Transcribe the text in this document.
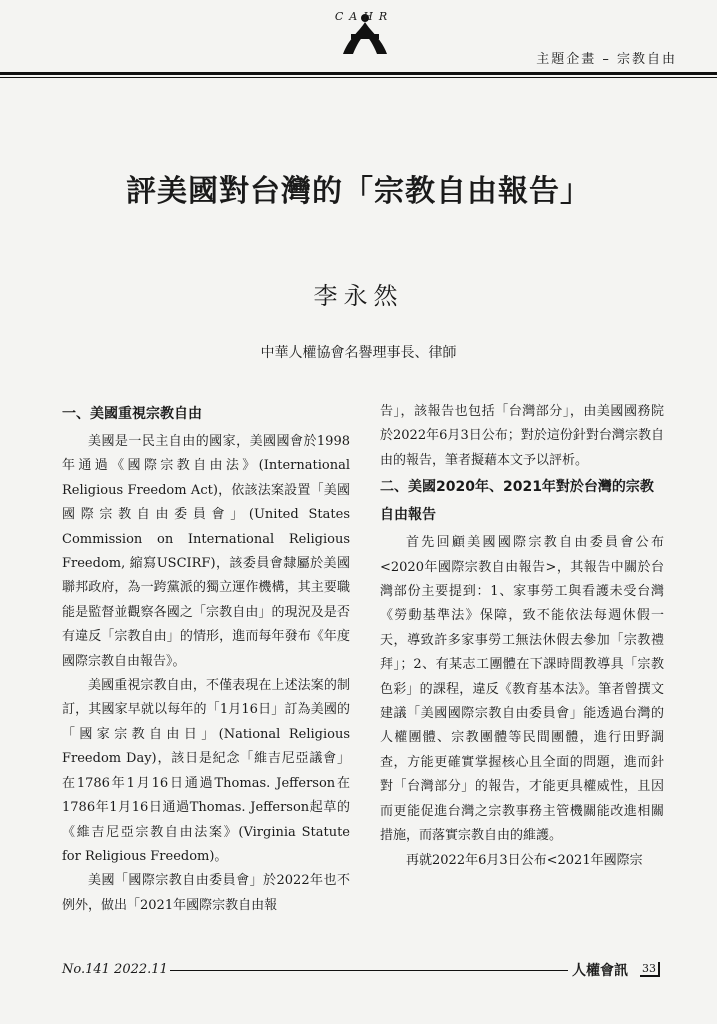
CAHR
主題企畫 – 宗教自由
評美國對台灣的「宗教自由報告」
李永然
中華人權協會名譽理事長、律師
一、美國重視宗教自由

美國是一民主自由的國家，美國國會於1998年通過《國際宗教自由法》(International Religious Freedom Act)，依該法案設置「美國國際宗教自由委員會」(United States Commission on International Religious Freedom, 縮寫USCIRF)，該委員會隸屬於美國聯邦政府，為一跨黨派的獨立運作機構，其主要職能是監督並觀察各國之「宗教自由」的現況及是否有違反「宗教自由」的情形，進而每年發布《年度國際宗教自由報告》。

美國重視宗教自由，不僅表現在上述法案的制訂，其國家早就以每年的「1月16日」訂為美國的「國家宗教自由日」(National Religious Freedom Day)，該日是紀念「維吉尼亞議會」在1786年1月16日通過Thomas. Jefferson在1786年1月16日通過Thomas. Jefferson起草的《維吉尼亞宗教自由法案》(Virginia Statute for Religious Freedom)。

美國「國際宗教自由委員會」於2022年也不例外，做出「2021年國際宗教自由報

告」，該報告也包括「台灣部分」，由美國國務院於2022年6月3日公布；對於這份針對台灣宗教自由的報告，筆者擬藉本文予以評析。

二、美國2020年、2021年對於台灣的宗教自由報告

首先回顧美國國際宗教自由委員會公布<2020年國際宗教自由報告>，其報告中關於台灣部份主要提到：1、家事勞工與看護未受台灣《勞動基準法》保障，致不能依法每週休假一天，導致許多家事勞工無法休假去參加「宗教禮拜」；2、有某志工團體在下課時間教導具「宗教色彩」的課程，違反《教育基本法》。筆者曾撰文建議「美國國際宗教自由委員會」能透過台灣的人權團體、宗教團體等民間團體，進行田野調查，方能更確實掌握核心且全面的問題，進而針對「台灣部分」的報告，才能更具權威性，且因而更能促進台灣之宗教事務主管機關能改進相關措施，而落實宗教自由的維護。

再就2022年6月3日公布<2021年國際宗

No.141 2022.11	人權會訊 33
